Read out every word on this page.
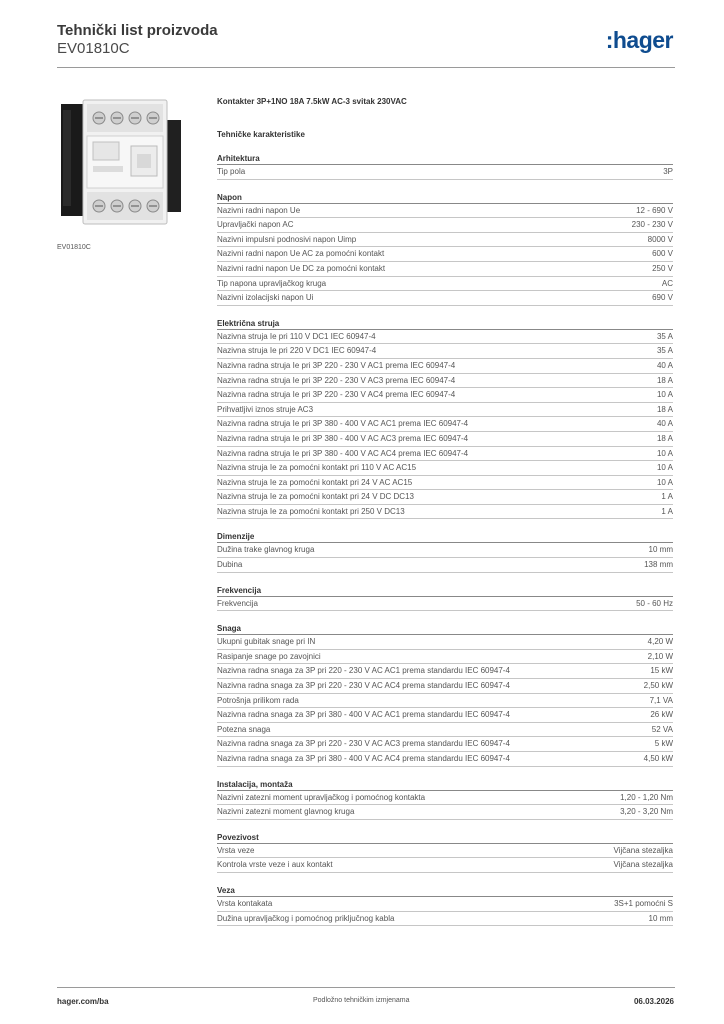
Tehnički list proizvoda
EV01810C	:hager
EV01810C
Kontakter 3P+1NO 18A 7.5kW AC-3 svitak 230VAC
Tehničke karakteristike
Arhitektura
Tip pola	3P
Napon
Nazivni radni napon Ue	12 - 690 V
Upravljački napon AC	230 - 230 V
Nazivni impulsni podnosivi napon Uimp	8000 V
Nazivni radni napon Ue AC za pomoćni kontakt	600 V
Nazivni radni napon Ue DC za pomoćni kontakt	250 V
Tip napona upravljačkog kruga	AC
Nazivni izolacijski napon Ui	690 V
Električna struja
Nazivna struja Ie pri 110 V DC1 IEC 60947-4	35 A
Nazivna struja Ie pri 220 V DC1 IEC 60947-4	35 A
Nazivna radna struja Ie pri 3P 220 - 230 V AC1 prema IEC 60947-4	40 A
Nazivna radna struja Ie pri 3P 220 - 230 V AC3 prema IEC 60947-4	18 A
Nazivna radna struja Ie pri 3P 220 - 230 V AC4 prema IEC 60947-4	10 A
Prihvatljivi iznos struje AC3	18 A
Nazivna radna struja Ie pri 3P 380 - 400 V AC AC1 prema IEC 60947-4	40 A
Nazivna radna struja Ie pri 3P 380 - 400 V AC AC3 prema IEC 60947-4	18 A
Nazivna radna struja Ie pri 3P 380 - 400 V AC AC4 prema IEC 60947-4	10 A
Nazivna struja Ie za pomoćni kontakt pri 110 V AC AC15	10 A
Nazivna struja Ie za pomoćni kontakt pri 24 V AC AC15	10 A
Nazivna struja Ie za pomoćni kontakt pri 24 V DC DC13	1 A
Nazivna struja Ie za pomoćni kontakt pri 250 V DC13	1 A
Dimenzije
Dužina trake glavnog kruga	10 mm
Dubina	138 mm
Frekvencija
Frekvencija	50 - 60 Hz
Snaga
Ukupni gubitak snage pri IN	4,20 W
Rasipanje snage po zavojnici	2,10 W
Nazivna radna snaga za 3P pri 220 - 230 V AC AC1 prema standardu IEC 60947-4	15 kW
Nazivna radna snaga za 3P pri 220 - 230 V AC AC4 prema standardu IEC 60947-4	2,50 kW
Potrošnja prilikom rada	7,1 VA
Nazivna radna snaga za 3P pri 380 - 400 V AC AC1 prema standardu IEC 60947-4	26 kW
Potezna snaga	52 VA
Nazivna radna snaga za 3P pri 220 - 230 V AC AC3 prema standardu IEC 60947-4	5 kW
Nazivna radna snaga za 3P pri 380 - 400 V AC AC4 prema standardu IEC 60947-4	4,50 kW
Instalacija, montaža
Nazivni zatezni moment upravljačkog i pomoćnog kontakta	1,20 - 1,20 Nm
Nazivni zatezni moment glavnog kruga	3,20 - 3,20 Nm
Povezivost
Vrsta veze	Vijčana stezaljka
Kontrola vrste veze i aux kontakt	Vijčana stezaljka
Veza
Vrsta kontakata	3S+1 pomoćni S
Dužina upravljačkog i pomoćnog priključnog kabla	10 mm
hager.com/ba	Podložno tehničkim izmjenama	06.03.2026
